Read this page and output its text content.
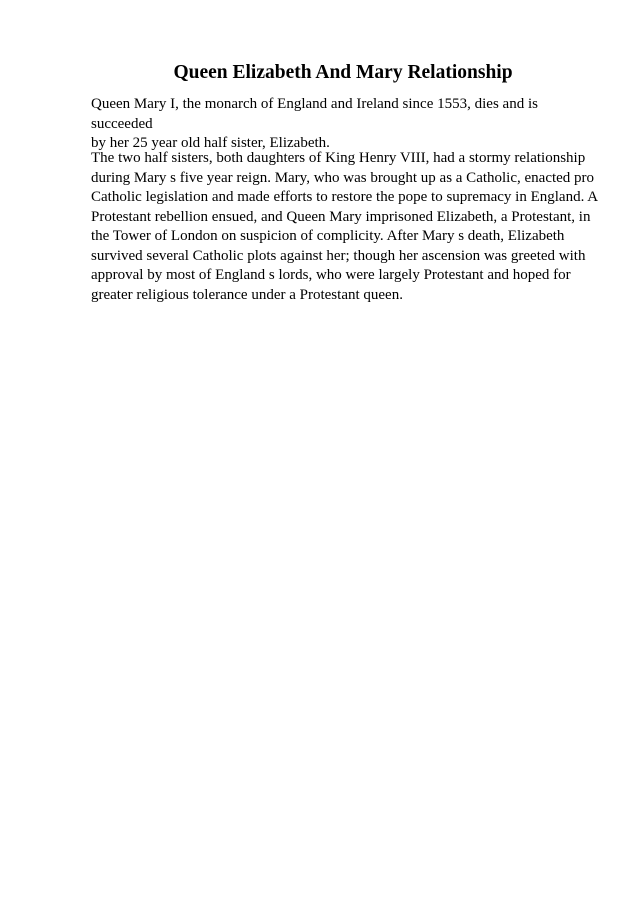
Queen Elizabeth And Mary Relationship

Queen Mary I, the monarch of England and Ireland since 1553, dies and is succeeded
by her 25 year old half sister, Elizabeth.

The two half sisters, both daughters of King Henry VIII, had a stormy relationship
during Mary s five year reign. Mary, who was brought up as a Catholic, enacted pro
Catholic legislation and made efforts to restore the pope to supremacy in England. A
Protestant rebellion ensued, and Queen Mary imprisoned Elizabeth, a Protestant, in
the Tower of London on suspicion of complicity. After Mary s death, Elizabeth
survived several Catholic plots against her; though her ascension was greeted with
approval by most of England s lords, who were largely Protestant and hoped for
greater religious tolerance under a Protestant queen.
